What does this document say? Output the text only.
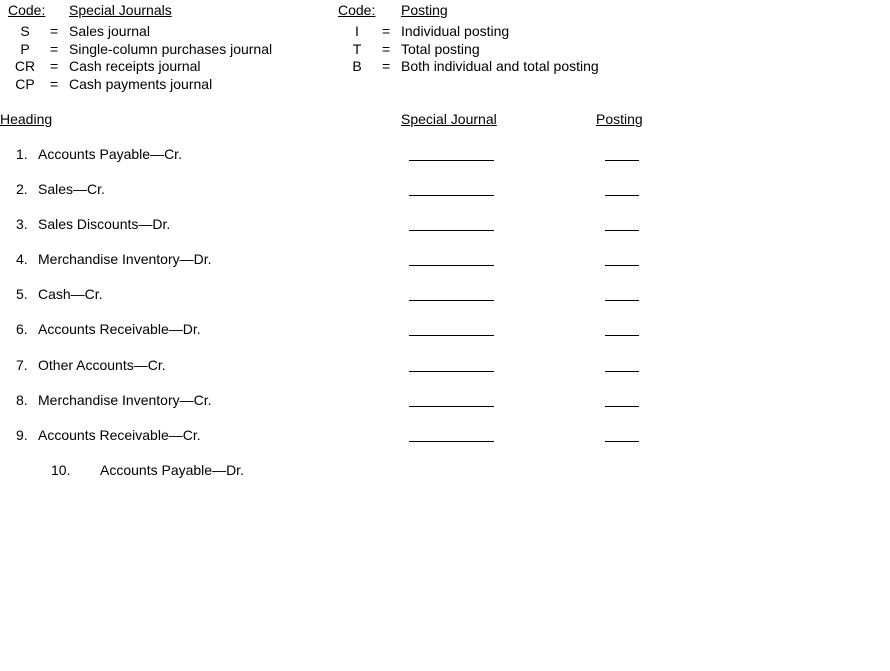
Code: Special Journals
S	= Sales journal
P	= Single-column purchases journal
CR	= Cash receipts journal
CP	= Cash payments journal
Code: Posting
I	= Individual posting
T	= Total posting
B	= Both individual and total posting
Heading	Special Journal	Posting
1. Accounts Payable—Cr.
2. Sales—Cr.
3. Sales Discounts—Dr.
4. Merchandise Inventory—Dr.
5. Cash—Cr.
6. Accounts Receivable—Dr.
7. Other Accounts—Cr.
8. Merchandise Inventory—Cr.
9. Accounts Receivable—Cr.
10. Accounts Payable—Dr.
